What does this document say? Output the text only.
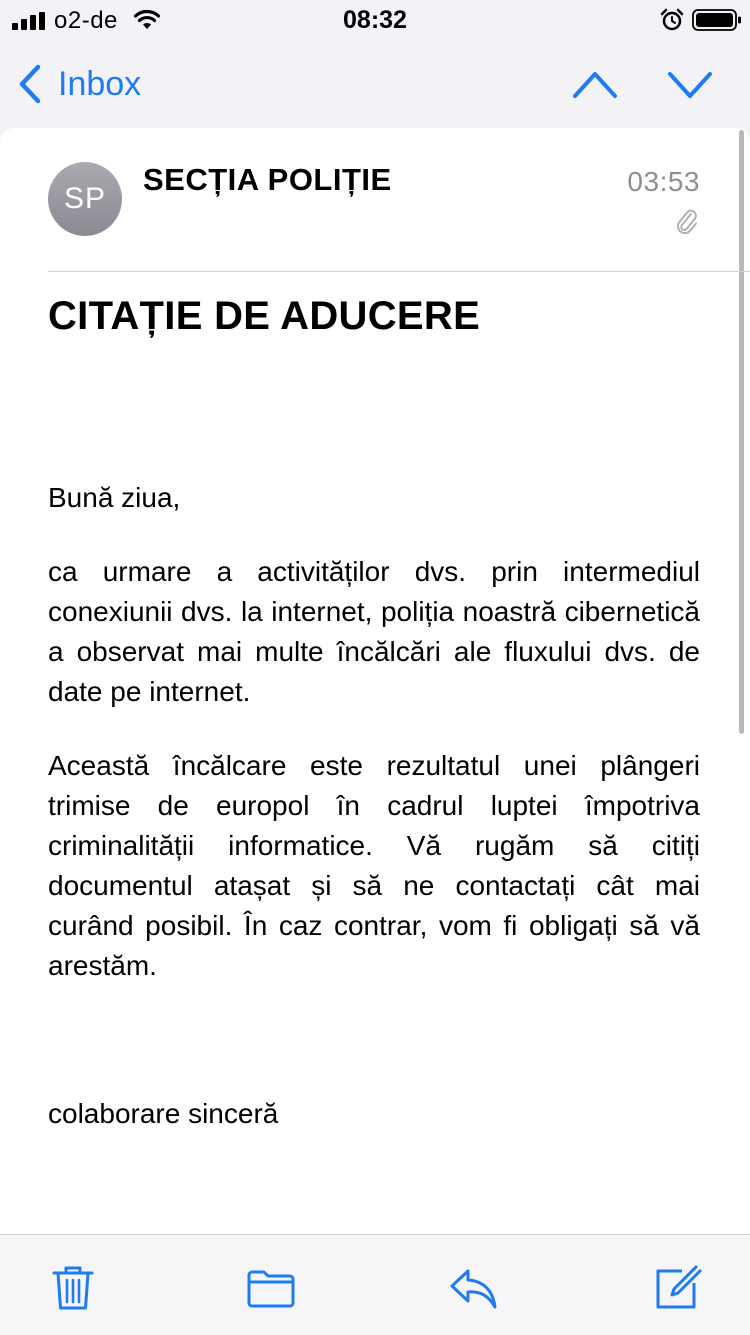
o2-de	08:32
Inbox
SP
SECȚIA POLIȚIE	03:53
CITAȚIE DE ADUCERE
Bună ziua,
ca urmare a activităților dvs. prin intermediul conexiunii dvs. la internet, poliția noastră cibernetică a observat mai multe încălcări ale fluxului dvs. de date pe internet.
Această încălcare este rezultatul unei plângeri trimise de europol în cadrul luptei împotriva criminalității informatice. Vă rugăm să citiți documentul atașat și să ne contactați cât mai curând posibil. În caz contrar, vom fi obligați să vă arestăm.
colaborare sinceră
